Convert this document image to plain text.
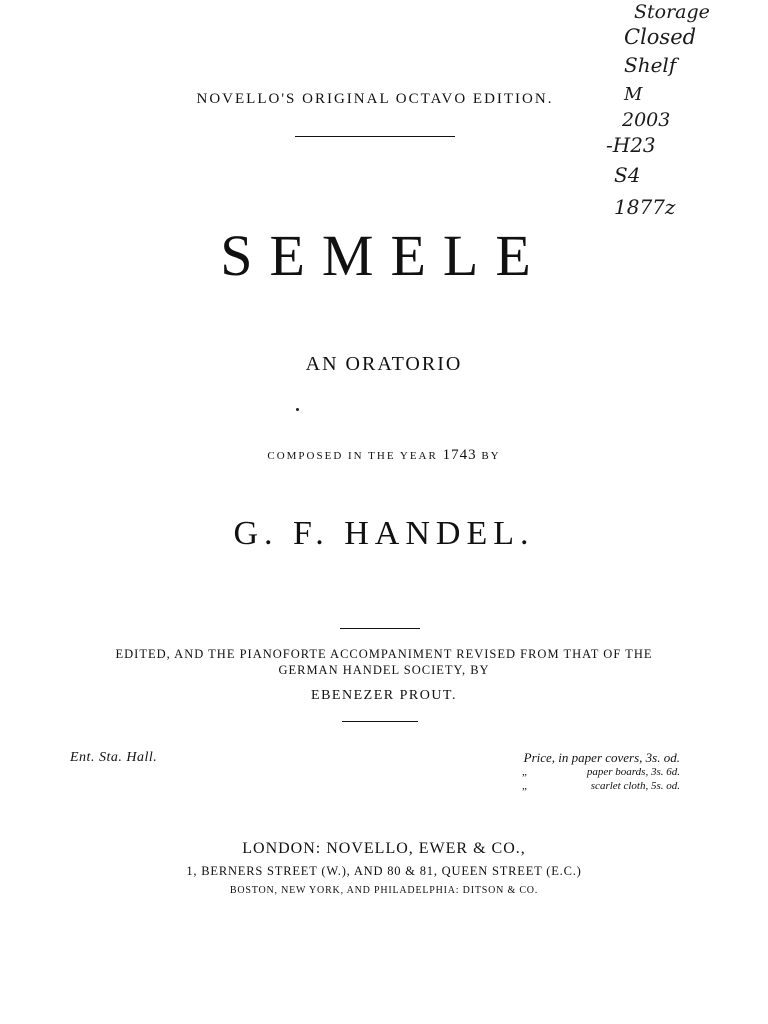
Storage
Closed
Shelf
M
2003
-H23
S4
1877z
NOVELLO'S ORIGINAL OCTAVO EDITION.
SEMELE
AN ORATORIO
COMPOSED IN THE YEAR 1743 BY
G. F. HANDEL.
EDITED, AND THE PIANOFORTE ACCOMPANIMENT REVISED FROM THAT OF THE
GERMAN HANDEL SOCIETY, BY
EBENEZER PROUT.
Ent. Sta. Hall.	Price, in paper covers, 3s. od.
„	paper boards, 3s. 6d.
„	scarlet cloth, 5s. od.
LONDON: NOVELLO, EWER & CO.,
1, BERNERS STREET (W.), AND 80 & 81, QUEEN STREET (E.C.)
BOSTON, NEW YORK, AND PHILADELPHIA: DITSON & CO.
